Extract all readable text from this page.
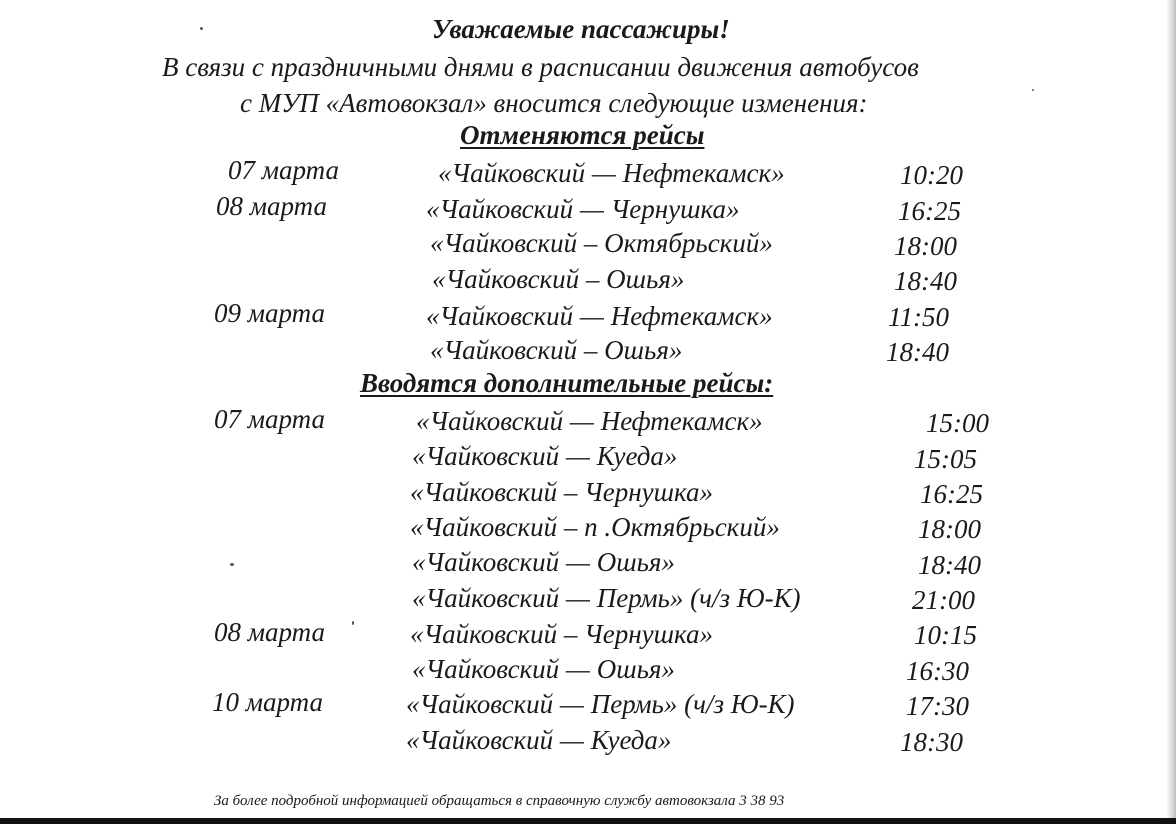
Уважаемые пассажиры!
В связи с праздничными днями в расписании движения автобусов
с МУП «Автовокзал» вносится следующие изменения:
Отменяются рейсы
07 марта	«Чайковский — Нефтекамск»	10:20
08 марта	«Чайковский — Чернушка»	16:25
«Чайковский – Октябрьский»	18:00
«Чайковский – Ошья»	18:40
09 марта	«Чайковский — Нефтекамск»	11:50
«Чайковский – Ошья»	18:40
Вводятся дополнительные рейсы:
07 марта	«Чайковский — Нефтекамск»	15:00
«Чайковский — Куеда»	15:05
«Чайковский – Чернушка»	16:25
«Чайковский – п .Октябрьский»	18:00
«Чайковский — Ошья»	18:40
«Чайковский — Пермь» (ч/з Ю-К)	21:00
08 марта	«Чайковский – Чернушка»	10:15
«Чайковский — Ошья»	16:30
10 марта	«Чайковский — Пермь» (ч/з Ю-К)	17:30
«Чайковский — Куеда»	18:30
За более подробной информацией обращаться в справочную службу автовокзала 3 38 93
